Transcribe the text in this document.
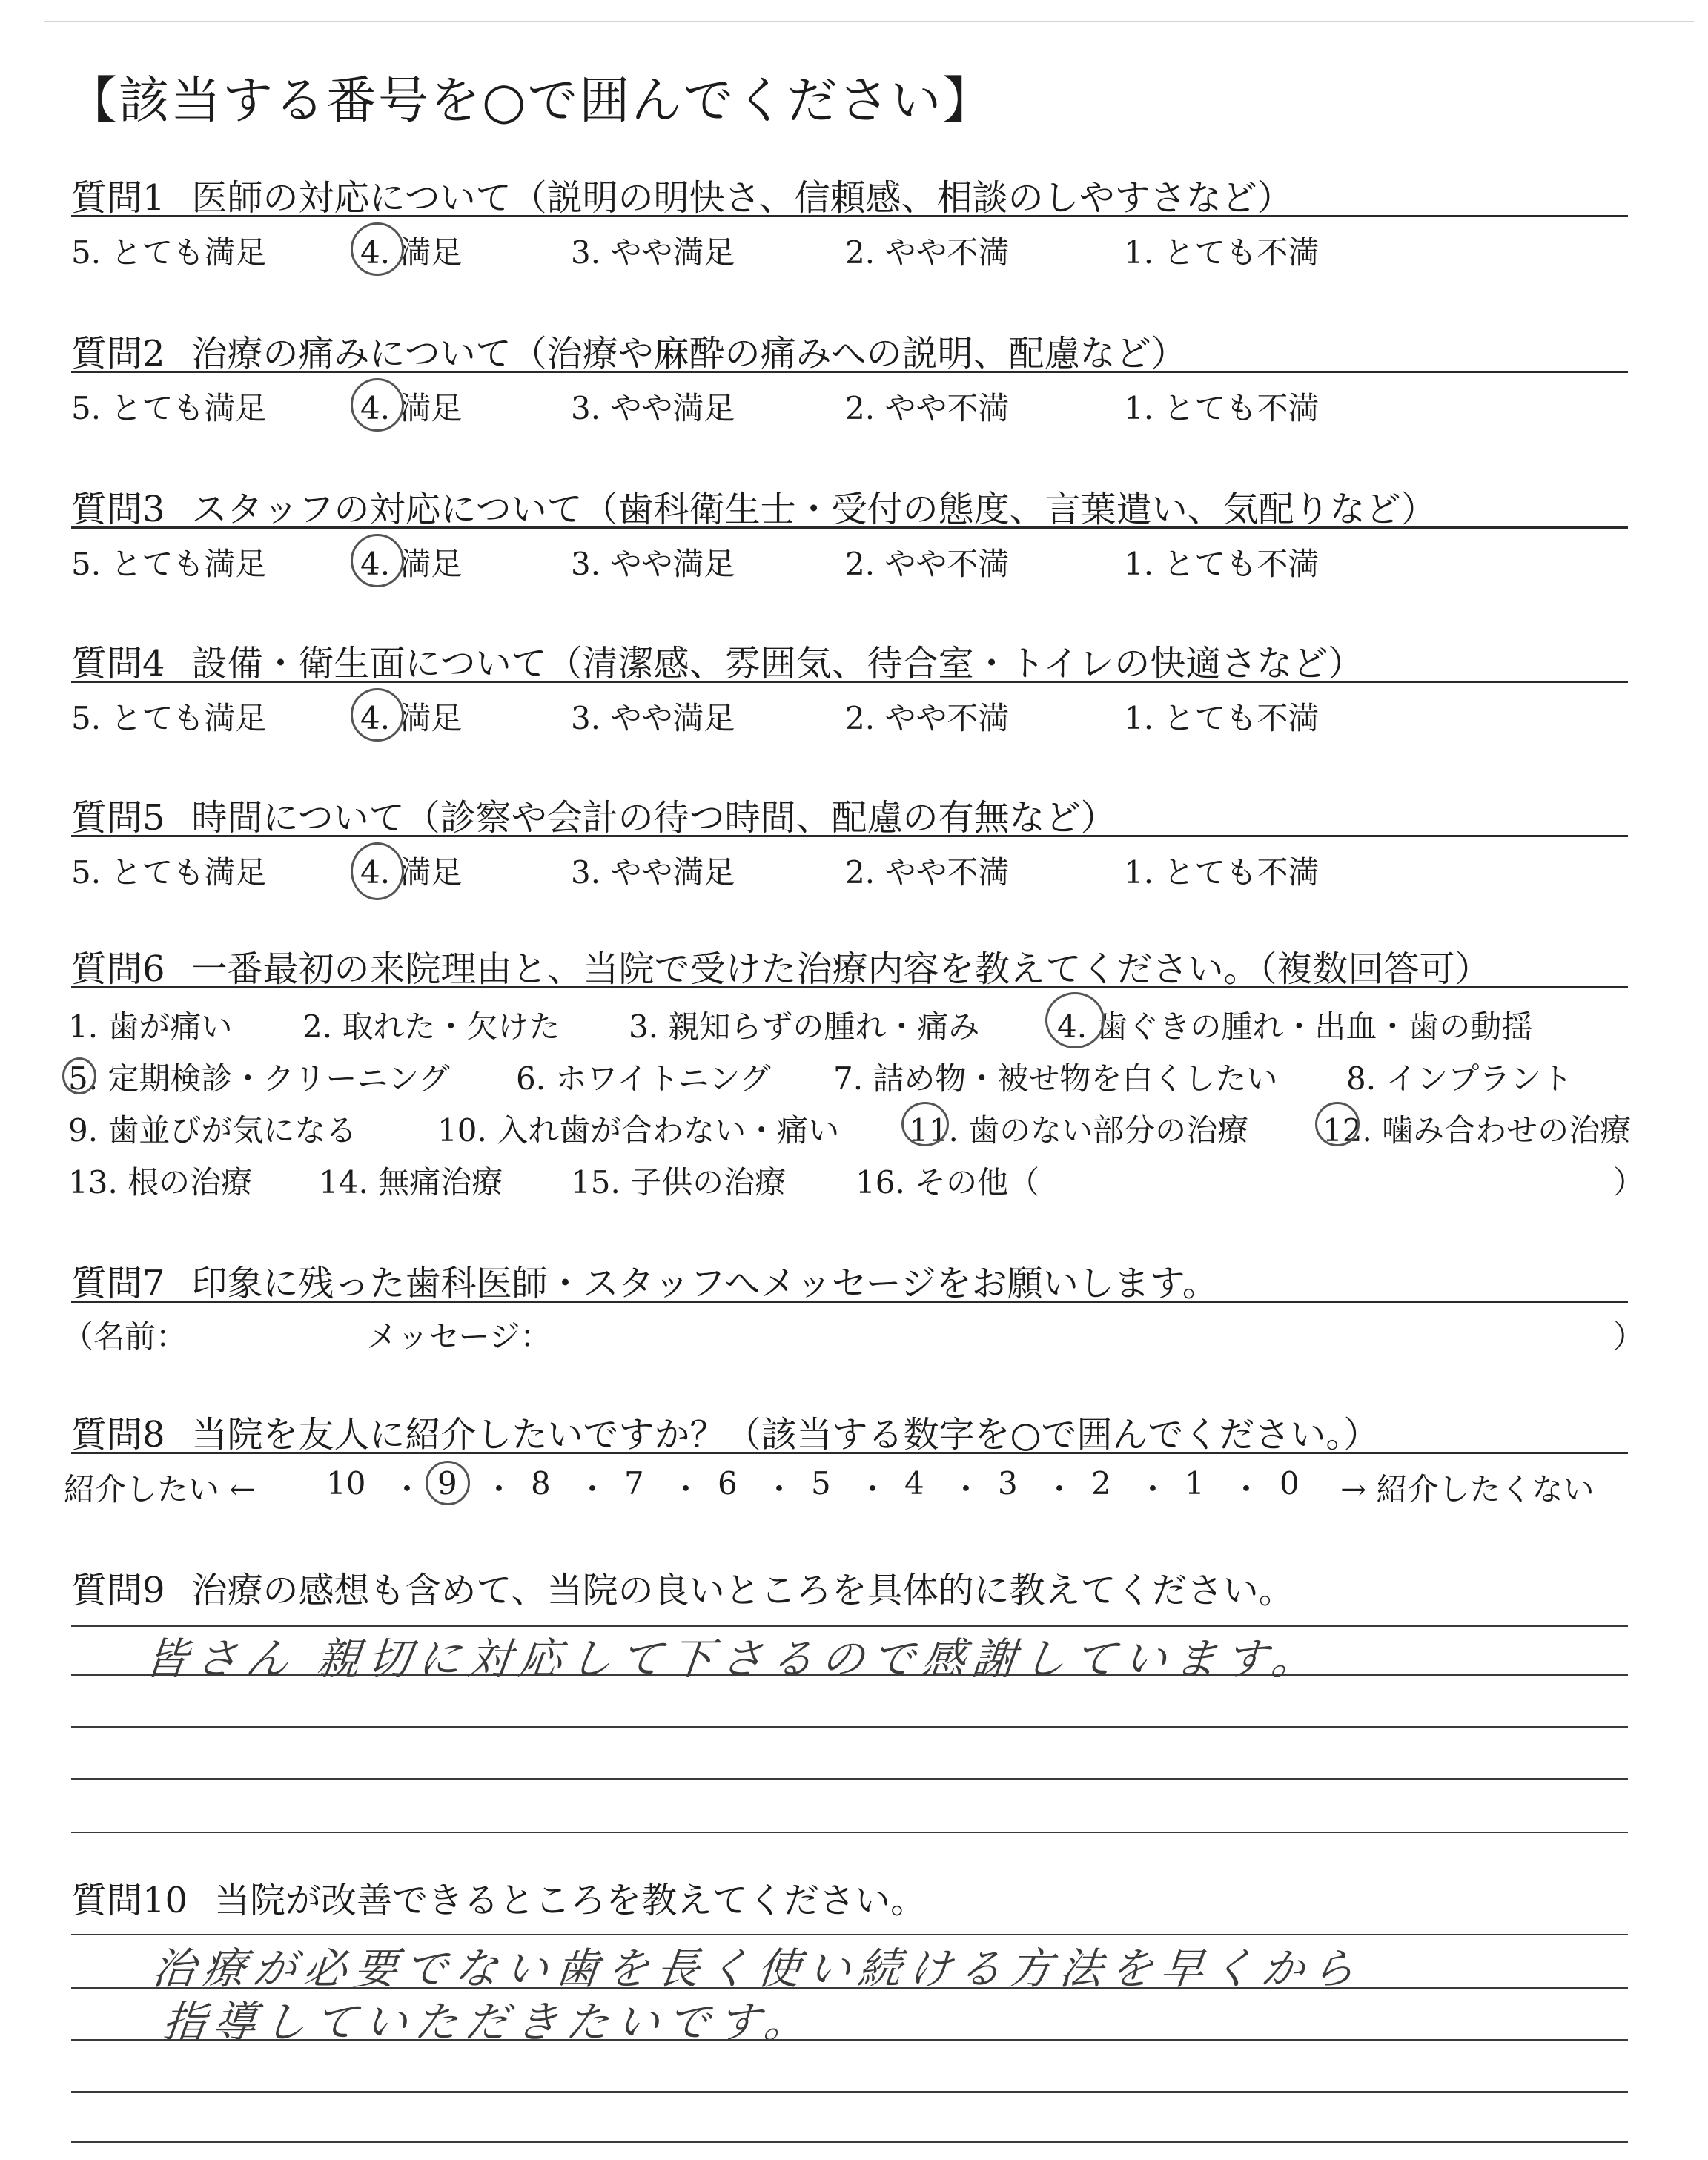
【該当する番号を○で囲んでください】
質問1 医師の対応について（説明の明快さ、信頼感、相談のしやすさなど）
5. とても満足	4. 満足	3. やや満足	2. やや不満	1. とても不満
質問2 治療の痛みについて（治療や麻酔の痛みへの説明、配慮など）
5. とても満足	4. 満足	3. やや満足	2. やや不満	1. とても不満
質問3 スタッフの対応について（歯科衛生士・受付の態度、言葉遣い、気配りなど）
5. とても満足	4. 満足	3. やや満足	2. やや不満	1. とても不満
質問4 設備・衛生面について（清潔感、雰囲気、待合室・トイレの快適さなど）
5. とても満足	4. 満足	3. やや満足	2. やや不満	1. とても不満
質問5 時間について（診察や会計の待つ時間、配慮の有無など）
5. とても満足	4. 満足	3. やや満足	2. やや不満	1. とても不満
質問6 一番最初の来院理由と、当院で受けた治療内容を教えてください。（複数回答可）
1. 歯が痛い 2. 取れた・欠けた 3. 親知らずの腫れ・痛み 4. 歯ぐきの腫れ・出血・歯の動揺
5. 定期検診・クリーニング 6. ホワイトニング 7. 詰め物・被せ物を白くしたい 8. インプラント
9. 歯並びが気になる	10. 入れ歯が合わない・痛い 11. 歯のない部分の治療 12. 噛み合わせの治療
13. 根の治療 14. 無痛治療 15. 子供の治療 16. その他（	）
質問7 印象に残った歯科医師・スタッフへメッセージをお願いします。
（名前：	メッセージ：	）
質問8 当院を友人に紹介したいですか？（該当する数字を○で囲んでください。）
紹介したい ← 10 ・ 9 ・ 8 ・ 7 ・ 6 ・ 5 ・ 4 ・ 3 ・ 2 ・ 1 ・ 0 → 紹介したくない
質問9 治療の感想も含めて、当院の良いところを具体的に教えてください。
皆さん 親切に対応して下さるので感謝しています。
質問10 当院が改善できるところを教えてください。
治療が必要でない歯を長く使い続ける方法を早くから
指導していただきたいです。
